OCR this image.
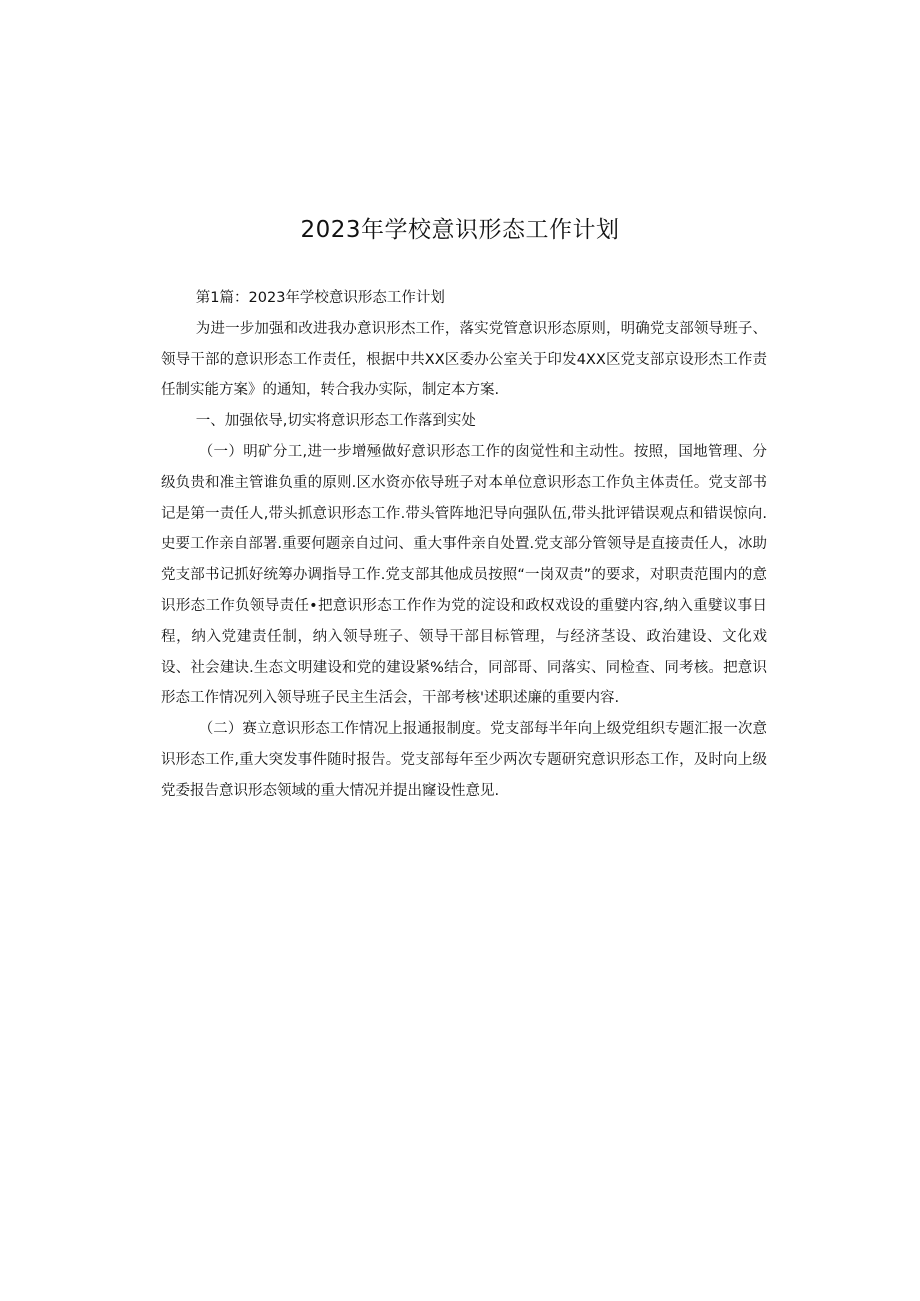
2023年学校意识形态工作计划

第1篇：2023年学校意识形态工作计划

为进一步加强和改进我办意识形杰工作，落实党管意识形态原则，明确党支部领导班子、领导干部的意识形态工作责任，根据中共XX区委办公室关于印发4XX区党支部京设形杰工作责任制实能方案》的通知，转合我办实际，制定本方案.

一、加强依导,切实将意识形态工作落到实处

（一）明矿分工,进一步增殛做好意识形态工作的囱觉性和主动性。按照，国地管理、分级负贵和准主管谁负重的原则.区水资亦依导班子对本单位意识形态工作负主体责任。党支部书记是第一责任人,带头抓意识形态工作.带头管阵地汜导向强队伍,带头批评错误观点和错误惊向.史要工作亲自部署.重要何题亲自过问、重大事件亲自处置.党支部分管领导是直接责任人，冰助党支部书记抓好统筹办调指导工作.党支部其他成员按照“一岗双责”的要求，对职责范围内的意识形态工作负领导责任•把意识形态工作作为党的淀设和政权戏设的重嬖内容,纳入重嬖议事日程，纳入党建责任制，纳入领导班子、领导干部目标管理，与经济茎设、政治建设、文化戏设、社会建诀.生态文明建设和党的建设紧%结合，同部哥、同落实、同检查、同考核。把意识形态工作情况列入领导班子民主生活会，干部考核'述职述廉的重要内容.

（二）赛立意识形态工作情况上报通报制度。党支部每半年向上级党组织专题汇报一次意识形态工作,重大突发事件随时报告。党支部每年至少两次专题研究意识形态工作，及时向上级党委报告意识形态领域的重大情况并提出窿设性意见.
